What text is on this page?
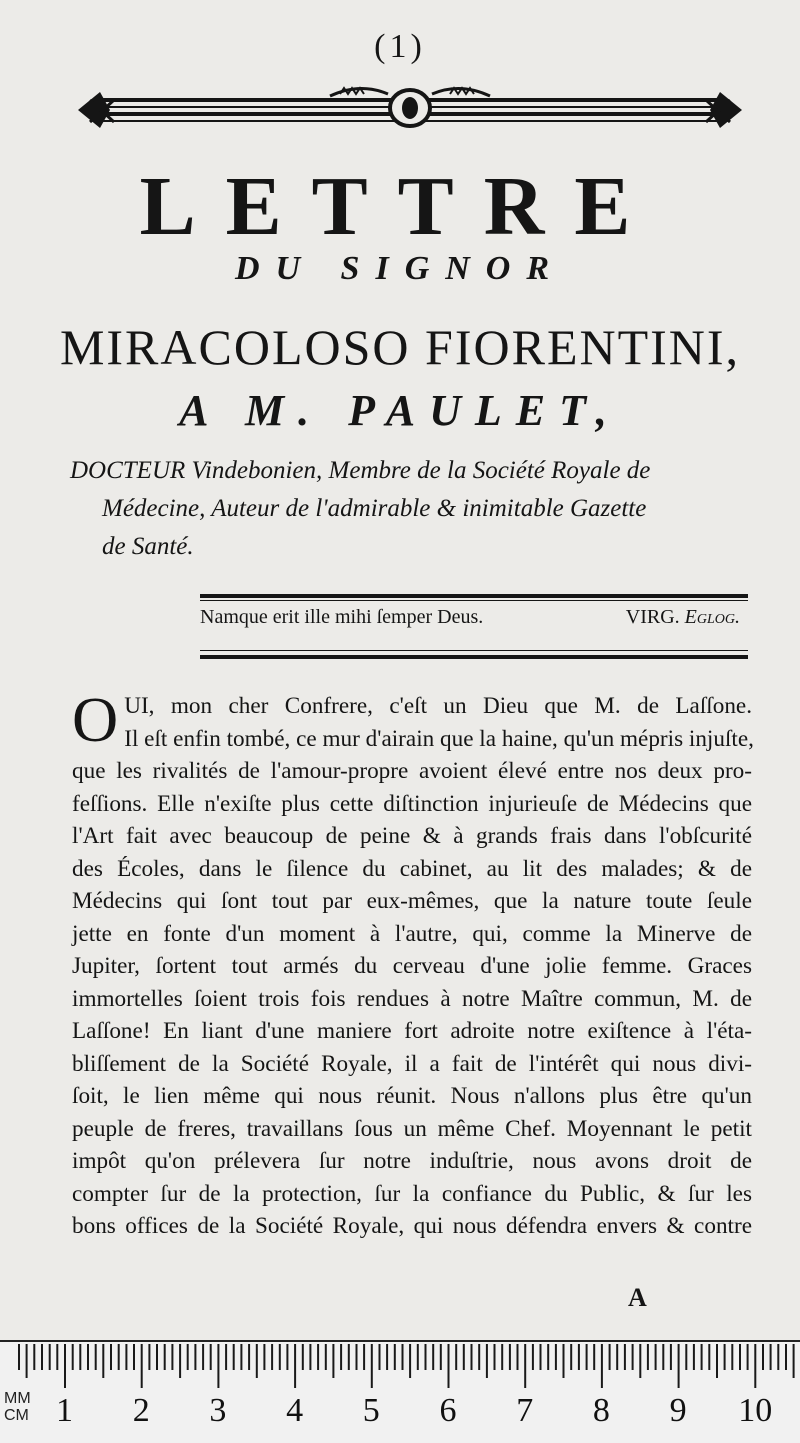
(1)
LETTRE
DU SIGNOR
MIRACOLOSO FIORENTINI,
A M. PAULET,
DOCTEUR Vindebonien, Membre de la Société Royale de
Médecine, Auteur de l'admirable & inimitable Gazette
de Santé.
Namque erit ille mihi ſemper Deus.	VIRG. Eglog.
O UI, mon cher Confrere, c'eſt un Dieu que M. de Laſſone.
Il eſt enfin tombé, ce mur d'airain que la haine, qu'un mépris injuſte,
que les rivalités de l'amour-propre avoient élevé entre nos deux pro-
feſſions. Elle n'exiſte plus cette diſtinction injurieuſe de Médecins que
l'Art fait avec beaucoup de peine & à grands frais dans l'obſcurité
des Écoles, dans le ſilence du cabinet, au lit des malades; & de
Médecins qui ſont tout par eux-mêmes, que la nature toute ſeule
jette en fonte d'un moment à l'autre, qui, comme la Minerve de
Jupiter, ſortent tout armés du cerveau d'une jolie femme. Graces
immortelles ſoient trois fois rendues à notre Maître commun, M. de
Laſſone! En liant d'une maniere fort adroite notre exiſtence à l'éta-
bliſſement de la Société Royale, il a fait de l'intérêt qui nous divi-
ſoit, le lien même qui nous réunit. Nous n'allons plus être qu'un
peuple de freres, travaillans ſous un même Chef. Moyennant le petit
impôt qu'on prélevera ſur notre induſtrie, nous avons droit de
compter ſur de la protection, ſur la confiance du Public, & ſur les
bons offices de la Société Royale, qui nous défendra envers & contre
A
MM
CM 1 2 3 4 5 6 7 8 9 10
